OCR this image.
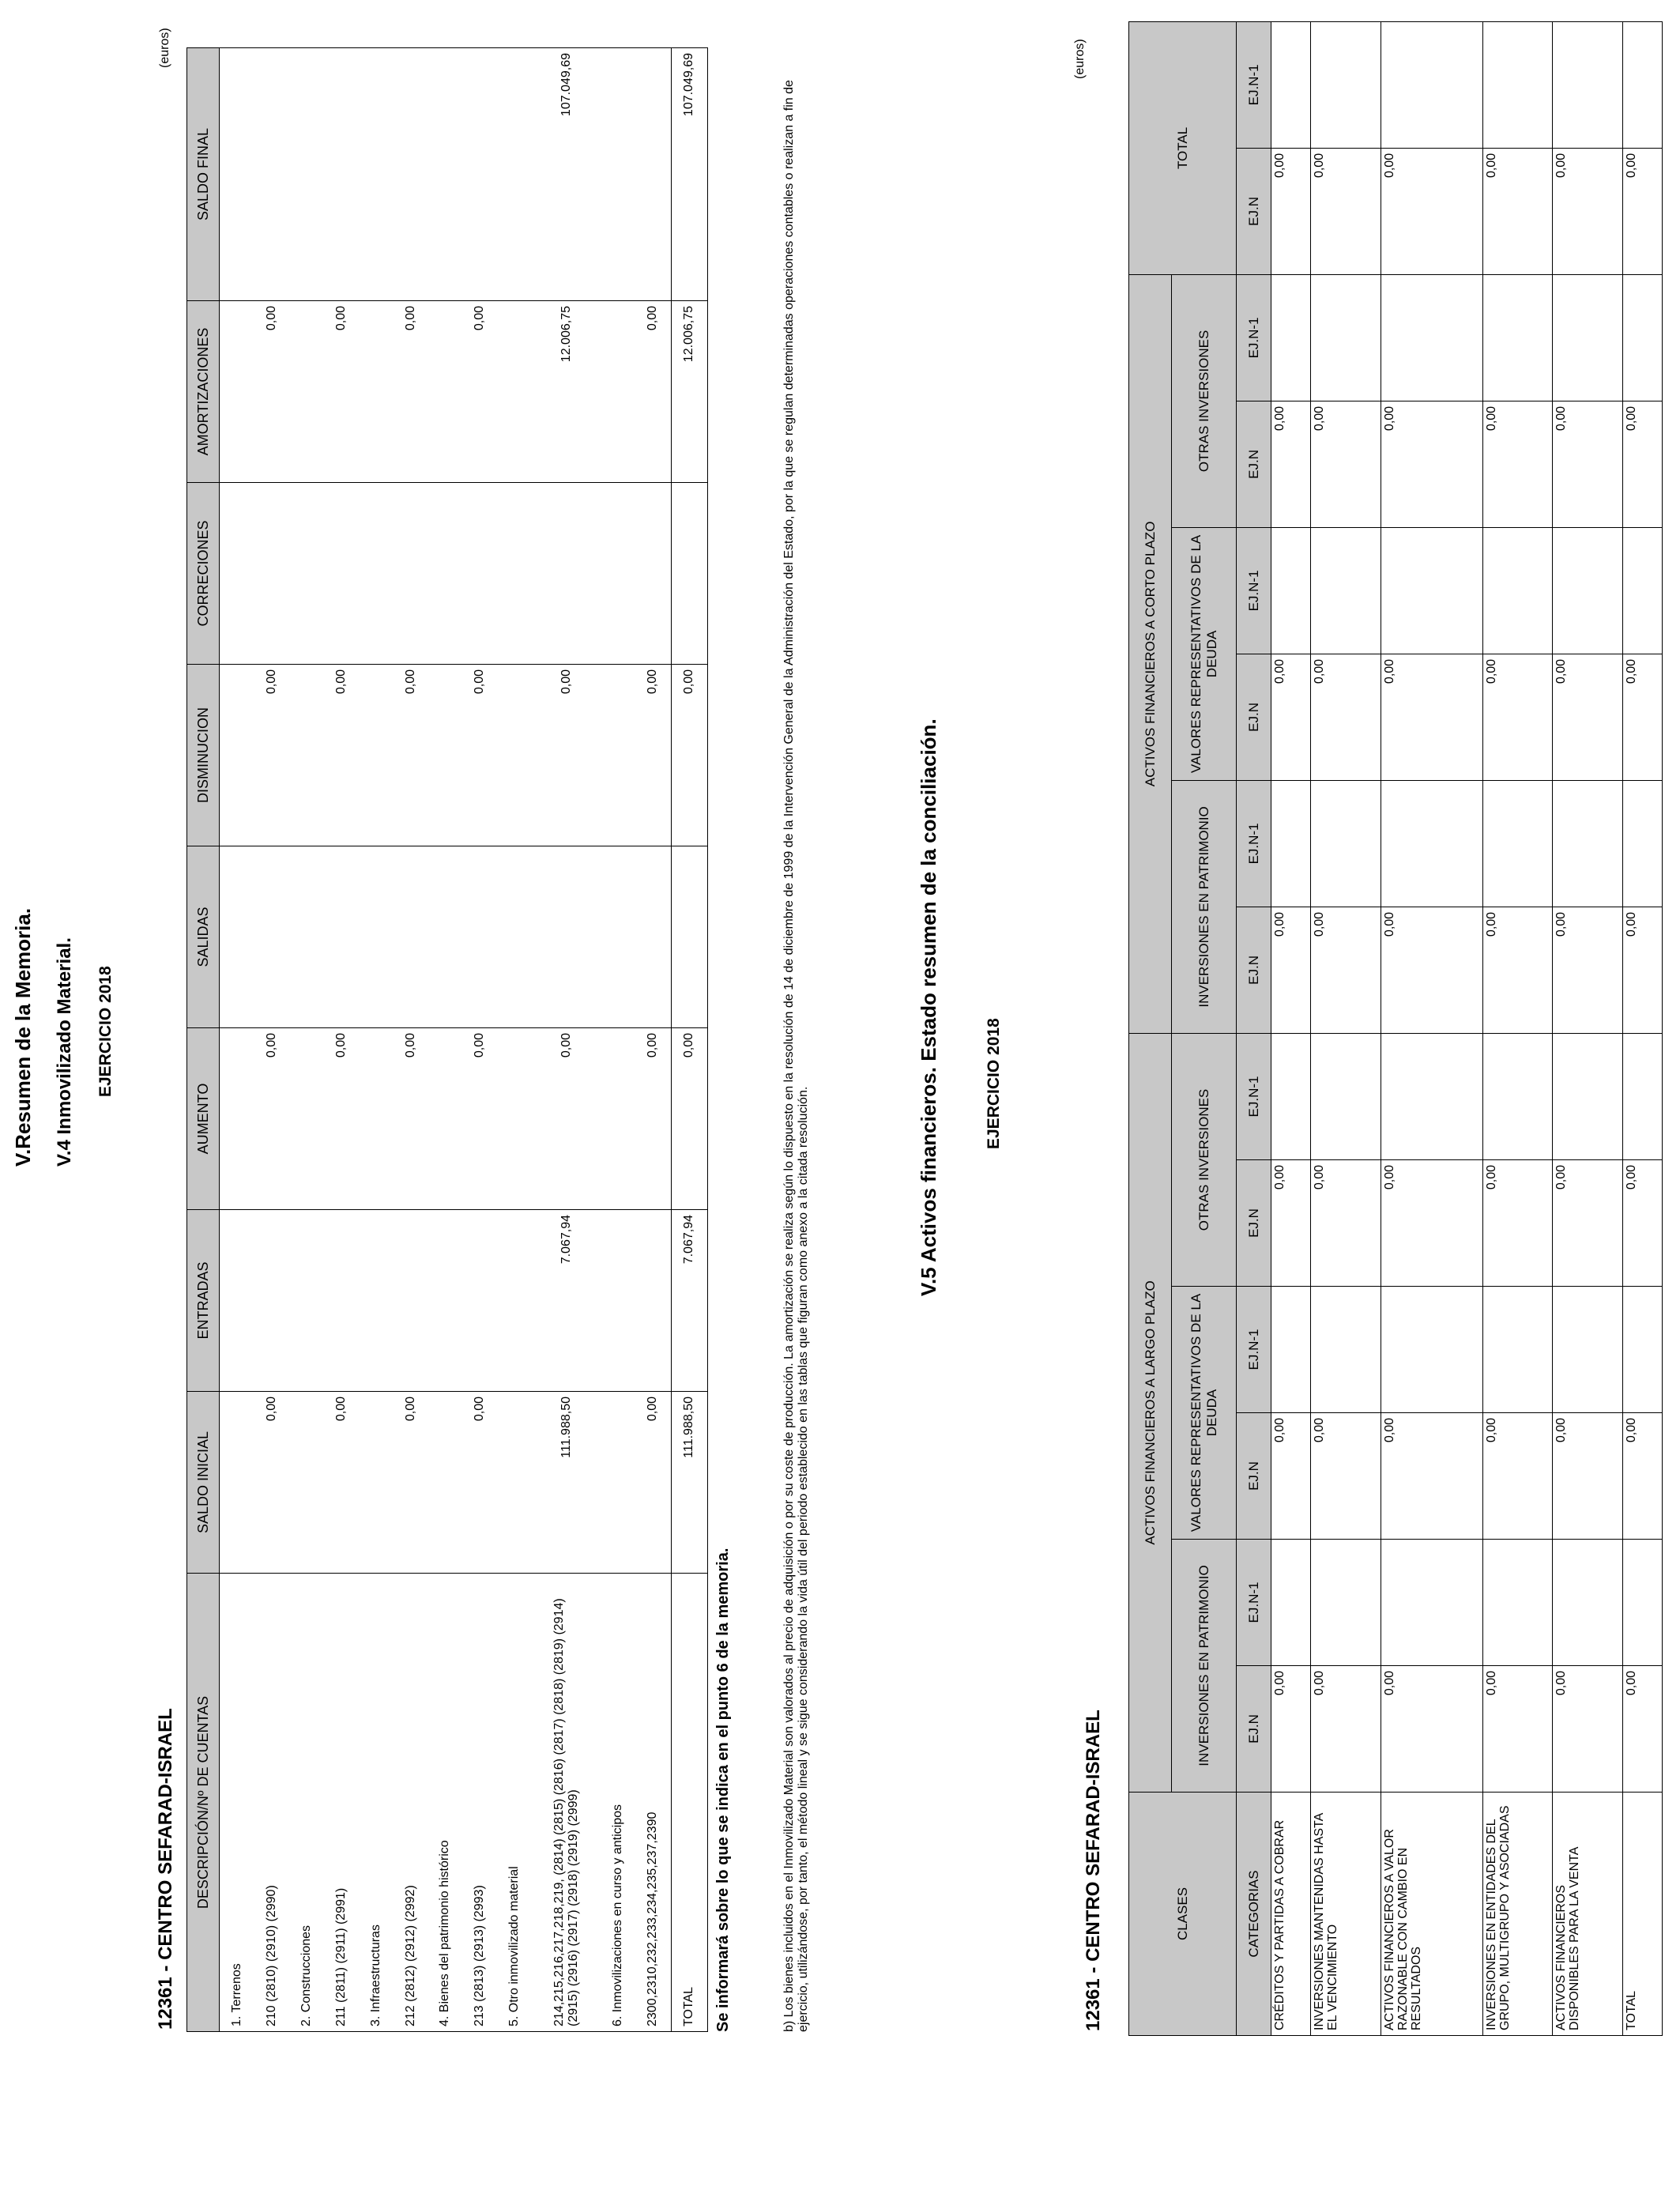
V.Resumen de la Memoria. V.4 Inmovilizado Material. EJERCICIO 2018
12361 - CENTRO SEFARAD-ISRAEL
(euros)
DESCRIPCIÓN/Nº DE CUENTAS	SALDO INICIAL	ENTRADAS	AUMENTO	SALIDAS	DISMINUCION	CORRECIONES	AMORTIZACIONES	SALDO FINAL
1. Terrenos								
210 (2810) (2910) (2990)	0,00		0,00		0,00		0,00	
2. Construcciones								
211 (2811) (2911) (2991)	0,00		0,00		0,00		0,00	
3. Infraestructuras								
212 (2812) (2912) (2992)	0,00		0,00		0,00		0,00	
4. Bienes del patrimonio histórico								
213 (2813) (2913) (2993)	0,00		0,00		0,00		0,00	
5. Otro inmovilizado material								
214,215,216,217,218,219, (2814) (2815) (2816) (2817) (2818) (2819) (2914) (2915) (2916) (2917) (2918) (2919) (2999)	111.988,50	7.067,94	0,00		0,00		12.006,75	107.049,69
6. Inmovilizaciones en curso y anticipos								
2300,2310,232,233,234,235,237,2390	0,00		0,00		0,00		0,00	
TOTAL	111.988,50	7.067,94	0,00		0,00		12.006,75	107.049,69
Se informará sobre lo que se indica en el punto 6 de la memoria.	b) Los bienes incluidos en el Inmovilizado Material son valorados al precio de adquisición o por su coste de producción. La amortización se realiza según lo dispuesto en la resolución de 14 de diciembre de 1999 de la Intervención General de la Administración del Estado, por la que se regulan determinadas operaciones contables o realizan a fin de ejercicio, utilizándose, por tanto, el método lineal y se sigue considerando la vida útil del periodo establecido en las tablas que figuran como anexo a la citada resolución.
V.5 Activos financieros. Estado resumen de la conciliación.	EJERCICIO 2018
12361 - CENTRO SEFARAD-ISRAEL
(euros)
CLASES	ACTIVOS FINANCIEROS A LARGO PLAZO						ACTIVOS FINANCIEROS A CORTO PLAZO						TOTAL	
	INVERSIONES EN PATRIMONIO		VALORES REPRESENTATIVOS DE LA DEUDA		OTRAS INVERSIONES		INVERSIONES EN PATRIMONIO		VALORES REPRESENTATIVOS DE LA DEUDA		OTRAS INVERSIONES			
CATEGORIAS	EJ.N	EJ.N-1	EJ.N	EJ.N-1	EJ.N	EJ.N-1	EJ.N	EJ.N-1	EJ.N	EJ.N-1	EJ.N	EJ.N-1	EJ.N	EJ.N-1
CRÉDITOS Y PARTIDAS A COBRAR	0,00		0,00		0,00		0,00		0,00		0,00		0,00	
INVERSIONES MANTENIDAS HASTA EL VENCIMIENTO	0,00		0,00		0,00		0,00		0,00		0,00		0,00	
ACTIVOS FINANCIEROS A VALOR RAZONABLE CON CAMBIO EN RESULTADOS	0,00		0,00		0,00		0,00		0,00		0,00		0,00	
INVERSIONES EN ENTIDADES DEL GRUPO, MULTIGRUPO Y ASOCIADAS	0,00		0,00		0,00		0,00		0,00		0,00		0,00	
ACTIVOS FINANCIEROS DISPONIBLES PARA LA VENTA	0,00		0,00		0,00		0,00		0,00		0,00		0,00	
TOTAL	0,00		0,00		0,00		0,00		0,00		0,00		0,00	
